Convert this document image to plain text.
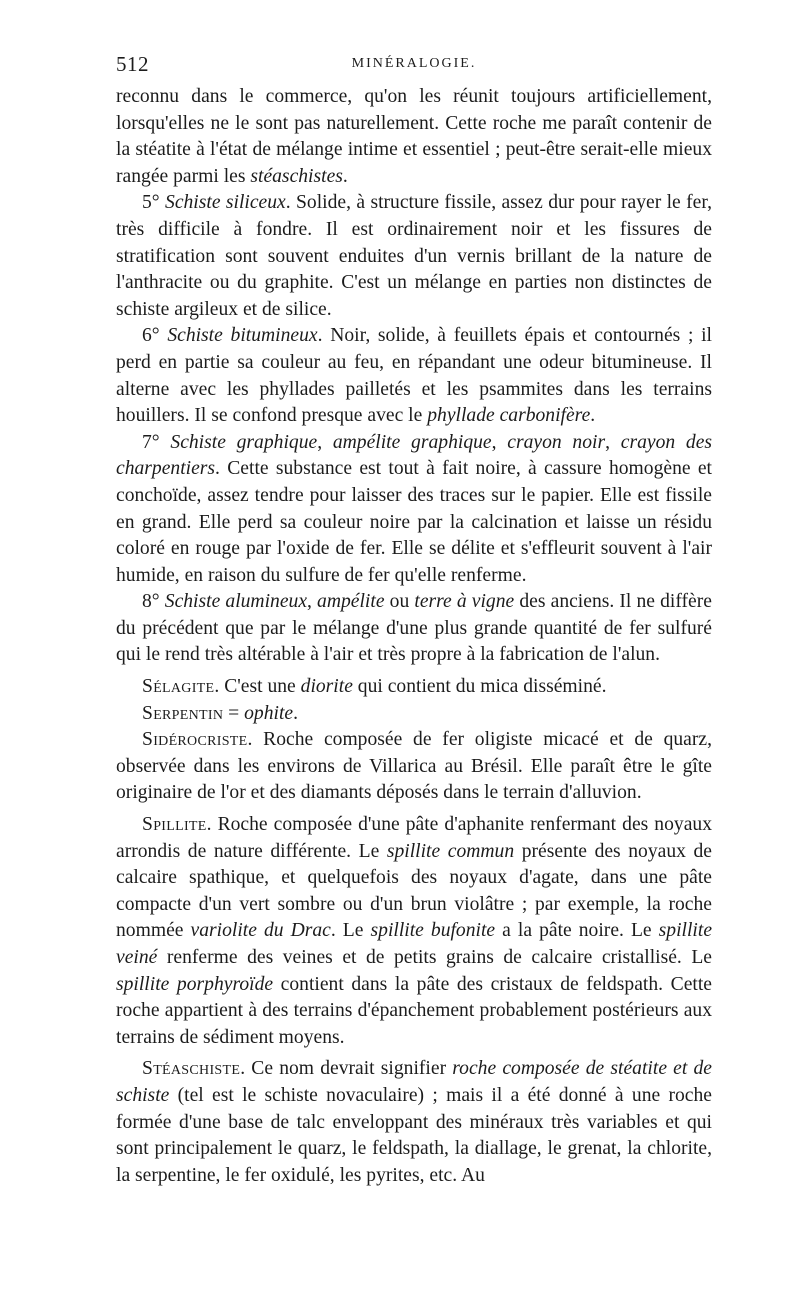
512	MINÉRALOGIE.

reconnu dans le commerce, qu'on les réunit toujours artificiellement, lorsqu'elles ne le sont pas naturellement. Cette roche me paraît contenir de la stéatite à l'état de mélange intime et essentiel ; peut-être serait-elle mieux rangée parmi les stéaschistes.

5° Schiste siliceux. Solide, à structure fissile, assez dur pour rayer le fer, très difficile à fondre. Il est ordinairement noir et les fissures de stratification sont souvent enduites d'un vernis brillant de la nature de l'anthracite ou du graphite. C'est un mélange en parties non distinctes de schiste argileux et de silice.

6° Schiste bitumineux. Noir, solide, à feuillets épais et contournés ; il perd en partie sa couleur au feu, en répandant une odeur bitumineuse. Il alterne avec les phyllades pailletés et les psammites dans les terrains houillers. Il se confond presque avec le phyllade carbonifère.

7° Schiste graphique, ampélite graphique, crayon noir, crayon des charpentiers. Cette substance est tout à fait noire, à cassure homogène et conchoïde, assez tendre pour laisser des traces sur le papier. Elle est fissile en grand. Elle perd sa couleur noire par la calcination et laisse un résidu coloré en rouge par l'oxide de fer. Elle se délite et s'effleurit souvent à l'air humide, en raison du sulfure de fer qu'elle renferme.

8° Schiste alumineux, ampélite ou terre à vigne des anciens. Il ne diffère du précédent que par le mélange d'une plus grande quantité de fer sulfuré qui le rend très altérable à l'air et très propre à la fabrication de l'alun.

Sélagite. C'est une diorite qui contient du mica disséminé.

Serpentin = ophite.

Sidérocriste. Roche composée de fer oligiste micacé et de quarz, observée dans les environs de Villarica au Brésil. Elle paraît être le gîte originaire de l'or et des diamants déposés dans le terrain d'alluvion.

Spillite. Roche composée d'une pâte d'aphanite renfermant des noyaux arrondis de nature différente. Le spillite commun présente des noyaux de calcaire spathique, et quelquefois des noyaux d'agate, dans une pâte compacte d'un vert sombre ou d'un brun violâtre ; par exemple, la roche nommée variolite du Drac. Le spillite bufonite a la pâte noire. Le spillite veiné renferme des veines et de petits grains de calcaire cristallisé. Le spillite porphyroïde contient dans la pâte des cristaux de feldspath. Cette roche appartient à des terrains d'épanchement probablement postérieurs aux terrains de sédiment moyens.

Stéaschiste. Ce nom devrait signifier roche composée de stéatite et de schiste (tel est le schiste novaculaire) ; mais il a été donné à une roche formée d'une base de talc enveloppant des minéraux très variables et qui sont principalement le quarz, le feldspath, la diallage, le grenat, la chlorite, la serpentine, le fer oxidulé, les pyrites, etc. Au
